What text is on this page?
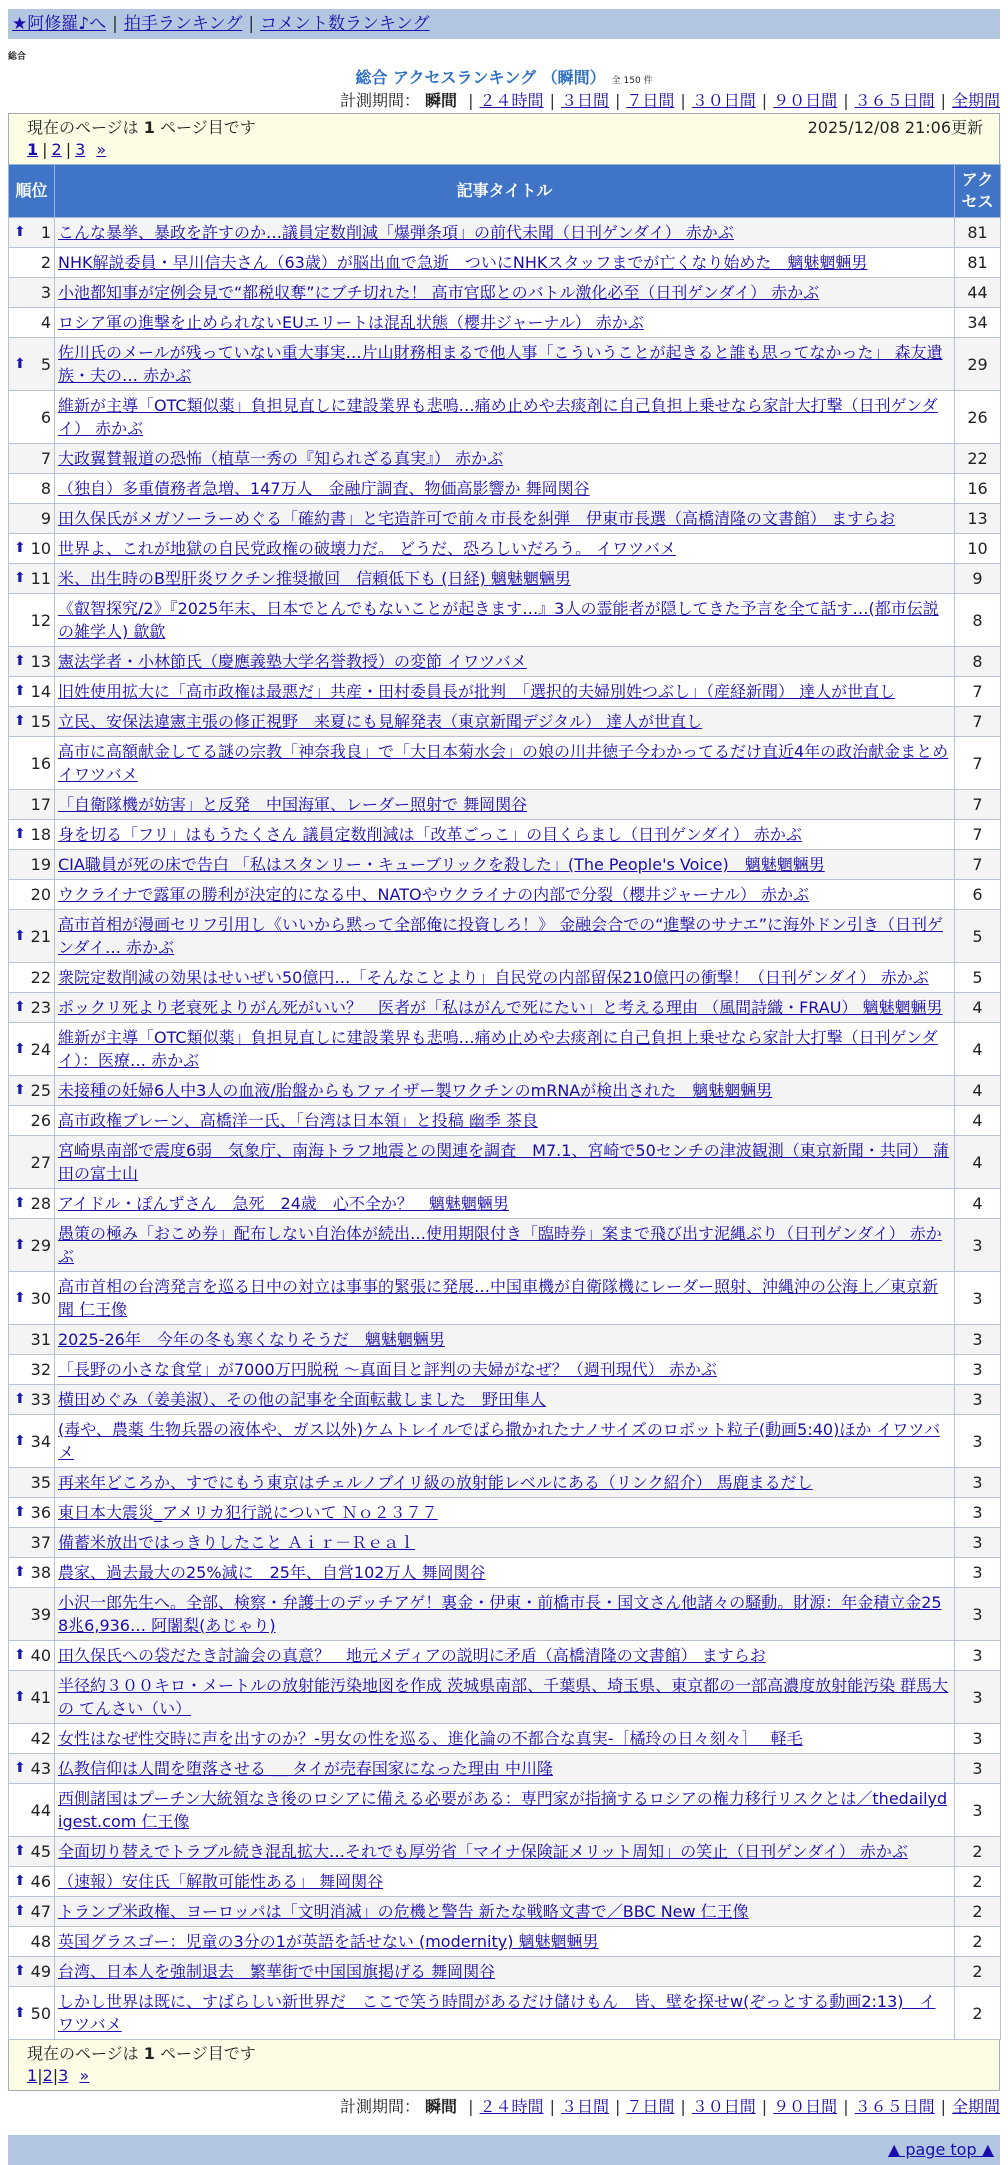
★阿修羅♪へ | 拍手ランキング | コメント数ランキング
総合
総合 アクセスランキング （瞬間） 全 150 件
計測期間： 瞬間 | ２４時間 | ３日間 | ７日間 | ３０日間 | ９０日間 | ３６５日間 | 全期間
現在のページは 1 ページ目です	2025/12/08 21:06更新
1 | 2 | 3 »
順位	記事タイトル	アクセス

⬆ 1	こんな暴挙、暴政を許すのか…議員定数削減「爆弾条項」の前代未聞（日刊ゲンダイ） 赤かぶ	81
2	NHK解説委員・早川信夫さん（63歳）が脳出血で急逝　ついにNHKスタッフまでが亡くなり始めた　魑魅魍魎男	81
3	小池都知事が定例会見で“都税収奪”にブチ切れた！ 高市官邸とのバトル激化必至（日刊ゲンダイ） 赤かぶ	44
4	ロシア軍の進撃を止められないEUエリートは混乱状態（櫻井ジャーナル） 赤かぶ	34

⬆ 5	佐川氏のメールが残っていない重大事実…片山財務相まるで他人事「こういうことが起きると誰も思ってなかった」 森友遺族・夫の… 赤かぶ	29
6	維新が主導「OTC類似薬」負担見直しに建設業界も悲鳴…痛め止めや去痰剤に自己負担上乗せなら家計大打撃（日刊ゲンダイ） 赤かぶ	26
7	大政翼賛報道の恐怖（植草一秀の『知られざる真実』） 赤かぶ	22
8	（独自）多重債務者急増、147万人　金融庁調査、物価高影響か 舞岡関谷	16
9	田久保氏がメガソーラーめぐる「確約書」と宅造許可で前々市長を糾弾　伊東市長選（高橋清隆の文書館） ますらお	13

⬆ 10	世界よ、これが地獄の自民党政権の破壊力だ。 どうだ、恐ろしいだろう。 イワツバメ	10

⬆ 11	米、出生時のB型肝炎ワクチン推奨撤回　信頼低下も (日経) 魑魅魍魎男	9
12	《叡智探究/2》『2025年末、日本でとんでもないことが起きます…』3人の霊能者が隠してきた予言を全て話す…(都市伝説の雑学人) 歙歙	8

⬆ 13	憲法学者・小林節氏（慶應義塾大学名誉教授）の変節 イワツバメ	8

⬆ 14	旧姓使用拡大に「高市政権は最悪だ」共産・田村委員長が批判　「選択的夫婦別姓つぶし」（産経新聞） 達人が世直し	7

⬆ 15	立民、安保法違憲主張の修正視野　来夏にも見解発表（東京新聞デジタル） 達人が世直し	7
16	高市に高額献金してる謎の宗教「神奈我良」で「大日本菊水会」の娘の川井徳子今わかってるだけ直近4年の政治献金まとめ イワツバメ	7
17	「自衛隊機が妨害」と反発　中国海軍、レーダー照射で 舞岡関谷	7

⬆ 18	身を切る「フリ」はもうたくさん 議員定数削減は「改革ごっこ」の目くらまし（日刊ゲンダイ） 赤かぶ	7
19	CIA職員が死の床で告白 「私はスタンリー・キューブリックを殺した」(The People's Voice)　魑魅魍魎男	7
20	ウクライナで露軍の勝利が決定的になる中、NATOやウクライナの内部で分裂（櫻井ジャーナル） 赤かぶ	6

⬆ 21	高市首相が漫画セリフ引用し《いいから黙って全部俺に投資しろ！》 金融会合での“進撃のサナエ”に海外ドン引き（日刊ゲンダイ… 赤かぶ	5
22	衆院定数削減の効果はせいぜい50億円…「そんなことより」自民党の内部留保210億円の衝撃！（日刊ゲンダイ） 赤かぶ	5

⬆ 23	ポックリ死より老衰死よりがん死がいい？　医者が「私はがんで死にたい」と考える理由 （風間詩織・FRAU） 魑魅魍魎男	4

⬆ 24	維新が主導「OTC類似薬」負担見直しに建設業界も悲鳴…痛め止めや去痰剤に自己負担上乗せなら家計大打撃（日刊ゲンダイ）：医療… 赤かぶ	4

⬆ 25	未接種の妊婦6人中3人の血液/胎盤からもファイザー製ワクチンのmRNAが検出された　魑魅魍魎男	4
26	高市政権ブレーン、高橋洋一氏、「台湾は日本領」と投稿 幽季 茶良	4
27	宮崎県南部で震度6弱　気象庁、南海トラフ地震との関連を調査　M7.1、宮崎で50センチの津波観測（東京新聞・共同） 蒲田の富士山	4

⬆ 28	アイドル・ぽんずさん　急死　24歳　心不全か？　魑魅魍魎男	4

⬆ 29	愚策の極み「おこめ券」配布しない自治体が続出…使用期限付き「臨時券」案まで飛び出す泥縄ぶり（日刊ゲンダイ） 赤かぶ	3

⬆ 30	高市首相の台湾発言を巡る日中の対立は事事的緊張に発展…中国車機が自衛隊機にレーダー照射、沖縄沖の公海上／東京新聞 仁王像	3
31	2025-26年　今年の冬も寒くなりそうだ　魑魅魍魎男	3
32	「長野の小さな食堂」が7000万円脱税 ～真面目と評判の夫婦がなぜ？（週刊現代） 赤かぶ	3

⬆ 33	横田めぐみ（姜美淑）、その他の記事を全面転載しました　野田隼人	3

⬆ 34	(毒や、農薬 生物兵器の液体や、ガス以外)ケムトレイルでばら撒かれたナノサイズのロボット粒子(動画5:40)ほか イワツバメ	3
35	再来年どころか、すでにもう東京はチェルノブイリ級の放射能レベルにある（リンク紹介） 馬鹿まるだし	3

⬆ 36	東日本大震災_アメリカ犯行説について Ｎｏ２３７７	3
37	備蓄米放出ではっきりしたこと Ａｉｒ－Ｒｅａｌ	3

⬆ 38	農家、過去最大の25%減に　25年、自営102万人 舞岡関谷	3
39	小沢一郎先生へ。全部、検察・弁護士のデッチアゲ！裏金・伊東・前橋市長・国文さん他諸々の騒動。財源：年金積立金258兆6,936… 阿闍梨(あじゃり)	3

⬆ 40	田久保氏への袋だたき討論会の真意？　地元メディアの説明に矛盾（高橋清隆の文書館） ますらお	3

⬆ 41	半径約３００キロ・メートルの放射能汚染地図を作成 茨城県南部、千葉県、埼玉県、東京都の一部高濃度放射能汚染 群馬大の てんさい（い）	3
42	女性はなぜ性交時に声を出すのか？-男女の性を巡る、進化論の不都合な真実-［橘玲の日々刻々］　 軽毛	3

⬆ 43	仏教信仰は人間を堕落させる ＿ タイが売春国家になった理由 中川隆	3
44	西側諸国はプーチン大統領なき後のロシアに備える必要がある：専門家が指摘するロシアの権力移行リスクとは／thedailydigest.com 仁王像	3

⬆ 45	全面切り替えでトラブル続き混乱拡大…それでも厚労省「マイナ保険証メリット周知」の笑止（日刊ゲンダイ） 赤かぶ	2

⬆ 46	（速報）安住氏「解散可能性ある」 舞岡関谷	2

⬆ 47	トランプ米政権、ヨーロッパは「文明消滅」の危機と警告 新たな戦略文書で／BBC New 仁王像	2
48	英国グラスゴー：児童の3分の1が英語を話せない (modernity) 魑魅魍魎男	2

⬆ 49	台湾、日本人を強制退去　繁華街で中国国旗掲げる 舞岡関谷	2

⬆ 50	しかし世界は既に、すばらしい新世界だ　ここで笑う時間があるだけ儲けもん　皆、壁を探せw(ぞっとする動画2:13)　イワツバメ	2
現在のページは 1 ページ目です
1|2|3 »
計測期間： 瞬間 | ２４時間 | ３日間 | ７日間 | ３０日間 | ９０日間 | ３６５日間 | 全期間
▲ page top ▲
